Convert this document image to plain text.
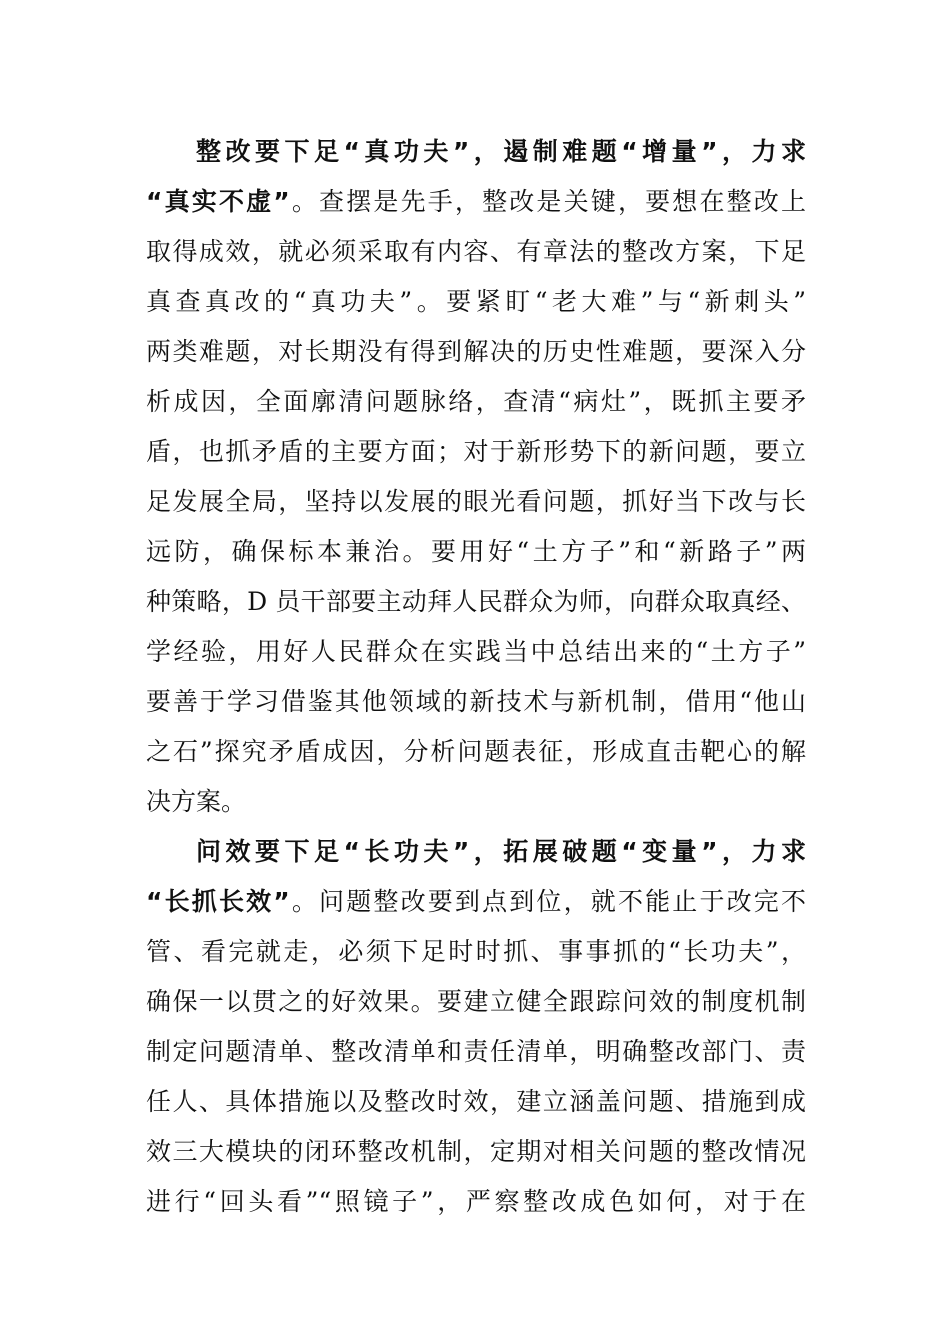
整改要下足“真功夫”，遏制难题“增量”，力求
“真实不虚”。查摆是先手，整改是关键，要想在整改上
取得成效，就必须采取有内容、有章法的整改方案，下足
真查真改的“真功夫”。要紧盯“老大难”与“新刺头”
两类难题，对长期没有得到解决的历史性难题，要深入分
析成因，全面廓清问题脉络，查清“病灶”，既抓主要矛
盾，也抓矛盾的主要方面；对于新形势下的新问题，要立
足发展全局，坚持以发展的眼光看问题，抓好当下改与长
远防，确保标本兼治。要用好“土方子”和“新路子”两
种策略，D 员干部要主动拜人民群众为师，向群众取真经、
学经验，用好人民群众在实践当中总结出来的“土方子”
要善于学习借鉴其他领域的新技术与新机制，借用“他山
之石”探究矛盾成因，分析问题表征，形成直击靶心的解
决方案。
问效要下足“长功夫”，拓展破题“变量”，力求
“长抓长效”。问题整改要到点到位，就不能止于改完不
管、看完就走，必须下足时时抓、事事抓的“长功夫”，
确保一以贯之的好效果。要建立健全跟踪问效的制度机制
制定问题清单、整改清单和责任清单，明确整改部门、责
任人、具体措施以及整改时效，建立涵盖问题、措施到成
效三大模块的闭环整改机制，定期对相关问题的整改情况
进行“回头看”“照镜子”，严察整改成色如何，对于在
